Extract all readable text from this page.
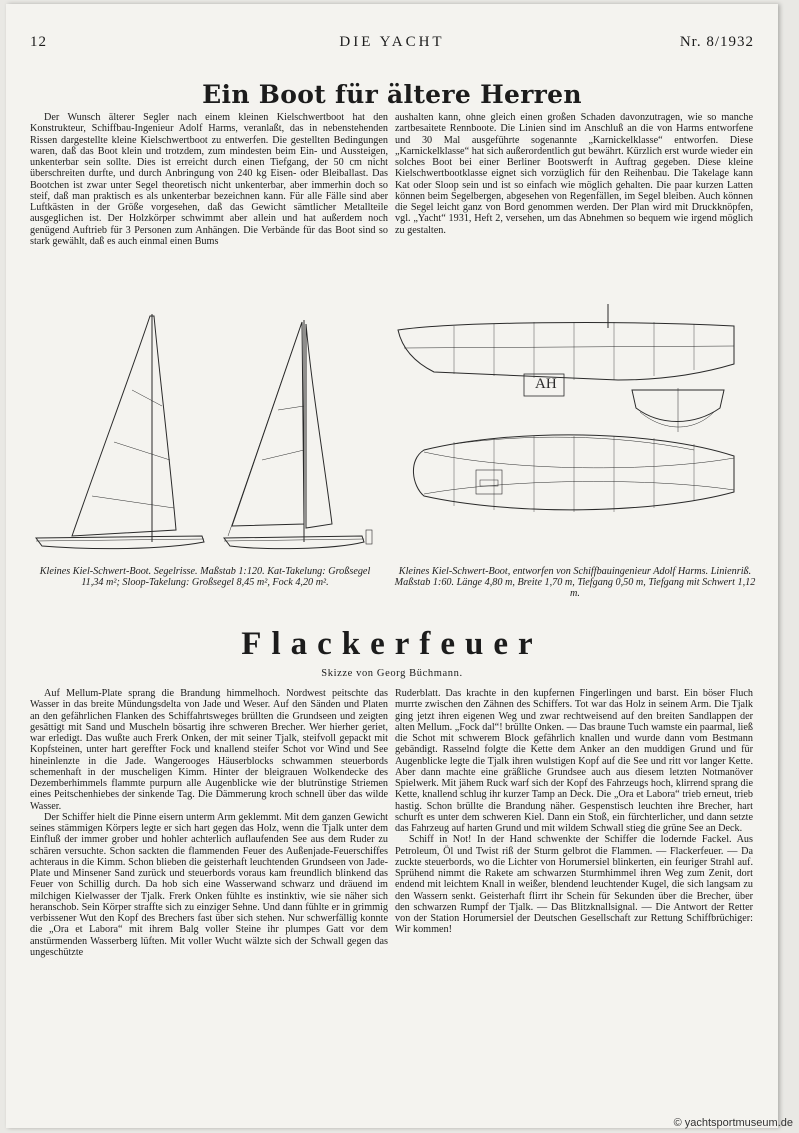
12	DIE YACHT	Nr. 8/1932
Ein Boot für ältere Herren

Der Wunsch älterer Segler nach einem kleinen Kielschwertboot hat den Konstrukteur, Schiffbau-Ingenieur Adolf Harms, veranlaßt, das in nebenstehenden Rissen dargestellte kleine Kielschwertboot zu entwerfen. Die gestellten Bedingungen waren, daß das Boot klein und trotzdem, zum mindesten beim Ein- und Aussteigen, unkenterbar sein sollte. Dies ist erreicht durch einen Tiefgang, der 50 cm nicht überschreiten durfte, und durch Anbringung von 240 kg Eisen- oder Bleiballast. Das Bootchen ist zwar unter Segel theoretisch nicht unkenterbar, aber immerhin doch so steif, daß man praktisch es als unkenterbar bezeichnen kann. Für alle Fälle sind aber Luftkästen in der Größe vorgesehen, daß das Gewicht sämtlicher Metallteile ausgeglichen ist. Der Holzkörper schwimmt aber allein und hat außerdem noch genügend Auftrieb für 3 Personen zum Anhängen. Die Verbände für das Boot sind so stark gewählt, daß es auch einmal einen Bums

aushalten kann, ohne gleich einen großen Schaden davonzutragen, wie so manche zartbesaitete Rennboote. Die Linien sind im Anschluß an die von Harms entworfene und 30 Mal ausgeführte sogenannte „Karnickelklasse“ entworfen. Diese „Karnickelklasse“ hat sich außerordentlich gut bewährt. Kürzlich erst wurde wieder ein solches Boot bei einer Berliner Bootswerft in Auftrag gegeben. Diese kleine Kielschwertbootklasse eignet sich vorzüglich für den Reihenbau. Die Takelage kann Kat oder Sloop sein und ist so einfach wie möglich gehalten. Die paar kurzen Latten können beim Segelbergen, abgesehen von Regenfällen, im Segel bleiben. Auch können die Segel leicht ganz von Bord genommen werden. Der Plan wird mit Druckknöpfen, vgl. „Yacht“ 1931, Heft 2, versehen, um das Abnehmen so bequem wie irgend möglich zu gestalten.

AH

Kleines Kiel-Schwert-Boot. Segelrisse. Maßstab 1:120. Kat-Takelung: Großsegel 11,34 m²; Sloop-Takelung: Großsegel 8,45 m², Fock 4,20 m².

Kleines Kiel-Schwert-Boot, entworfen von Schiffbauingenieur Adolf Harms. Linienriß. Maßstab 1:60. Länge 4,80 m, Breite 1,70 m, Tiefgang 0,50 m, Tiefgang mit Schwert 1,12 m.

Flackerfeuer
Skizze von Georg Büchmann.

Auf Mellum-Plate sprang die Brandung himmelhoch. Nordwest peitschte das Wasser in das breite Mündungsdelta von Jade und Weser. Auf den Sänden und Platen an den gefährlichen Flanken des Schiffahrtsweges brüllten die Grundseen und zeigten gesättigt mit Sand und Muscheln bösartig ihre schweren Brecher. Wer hierher geriet, war erledigt. Das wußte auch Frerk Onken, der mit seiner Tjalk, steifvoll gepackt mit Kopfsteinen, unter hart gereffter Fock und knallend steifer Schot vor Wind und See hineinlenzte in die Jade. Wangerooges Häuserblocks schwammen steuerbords schemenhaft in der muscheligen Kimm. Hinter der bleigrauen Wolkendecke des Dezemberhimmels flammte purpurn alle Augenblicke wie der blutrünstige Striemen eines Peitschenhiebes der sinkende Tag. Die Dämmerung kroch schnell über das wilde Wasser.

Der Schiffer hielt die Pinne eisern unterm Arm geklemmt. Mit dem ganzen Gewicht seines stämmigen Körpers legte er sich hart gegen das Holz, wenn die Tjalk unter dem Einfluß der immer grober und hohler achterlich auflaufenden See aus dem Ruder zu schären versuchte. Schon sackten die flammenden Feuer des Außenjade-Feuerschiffes achteraus in die Kimm. Schon blieben die geisterhaft leuchtenden Grundseen von Jade-Plate und Minsener Sand zurück und steuerbords voraus kam freundlich blinkend das Feuer von Schillig durch. Da hob sich eine Wasserwand schwarz und dräuend im milchigen Kielwasser der Tjalk. Frerk Onken fühlte es instinktiv, wie sie näher sich heranschob. Sein Körper straffte sich zu einziger Sehne. Und dann fühlte er in grimmig verbissener Wut den Kopf des Brechers fast über sich stehen. Nur schwerfällig konnte die „Ora et Labora“ mit ihrem Balg voller Steine ihr plumpes Gatt vor dem anstürmenden Wasserberg lüften. Mit voller Wucht wälzte sich der Schwall gegen das ungeschützte

Ruderblatt. Das krachte in den kupfernen Fingerlingen und barst. Ein böser Fluch murrte zwischen den Zähnen des Schiffers. Tot war das Holz in seinem Arm. Die Tjalk ging jetzt ihren eigenen Weg und zwar rechtweisend auf den breiten Sandlappen der alten Mellum. „Fock dal“! brüllte Onken. — Das braune Tuch wamste ein paarmal, ließ die Schot mit schwerem Block gefährlich knallen und wurde dann vom Bestmann gebändigt. Rasselnd folgte die Kette dem Anker an den muddigen Grund und für Augenblicke legte die Tjalk ihren wulstigen Kopf auf die See und ritt vor langer Kette. Aber dann machte eine gräßliche Grundsee auch aus diesem letzten Notmanöver Spielwerk. Mit jähem Ruck warf sich der Kopf des Fahrzeugs hoch, klirrend sprang die Kette, knallend schlug ihr kurzer Tamp an Deck. Die „Ora et Labora“ trieb erneut, trieb hastig. Schon brüllte die Brandung näher. Gespenstisch leuchten ihre Brecher, hart schurft es unter dem schweren Kiel. Dann ein Stoß, ein fürchterlicher, und dann setzte das Fahrzeug auf harten Grund und mit wildem Schwall stieg die grüne See an Deck.

Schiff in Not! In der Hand schwenkte der Schiffer die lodernde Fackel. Aus Petroleum, Öl und Twist riß der Sturm gelbrot die Flammen. — Flackerfeuer. — Da zuckte steuerbords, wo die Lichter von Horumersiel blinkerten, ein feuriger Strahl auf. Sprühend nimmt die Rakete am schwarzen Sturmhimmel ihren Weg zum Zenit, dort endend mit leichtem Knall in weißer, blendend leuchtender Kugel, die sich langsam zu den Wassern senkt. Geisterhaft flirrt ihr Schein für Sekunden über die Brecher, über den schwarzen Rumpf der Tjalk. — Das Blitzknallsignal. — Die Antwort der Retter von der Station Horumersiel der Deutschen Gesellschaft zur Rettung Schiffbrüchiger: Wir kommen!

© yachtsportmuseum.de
